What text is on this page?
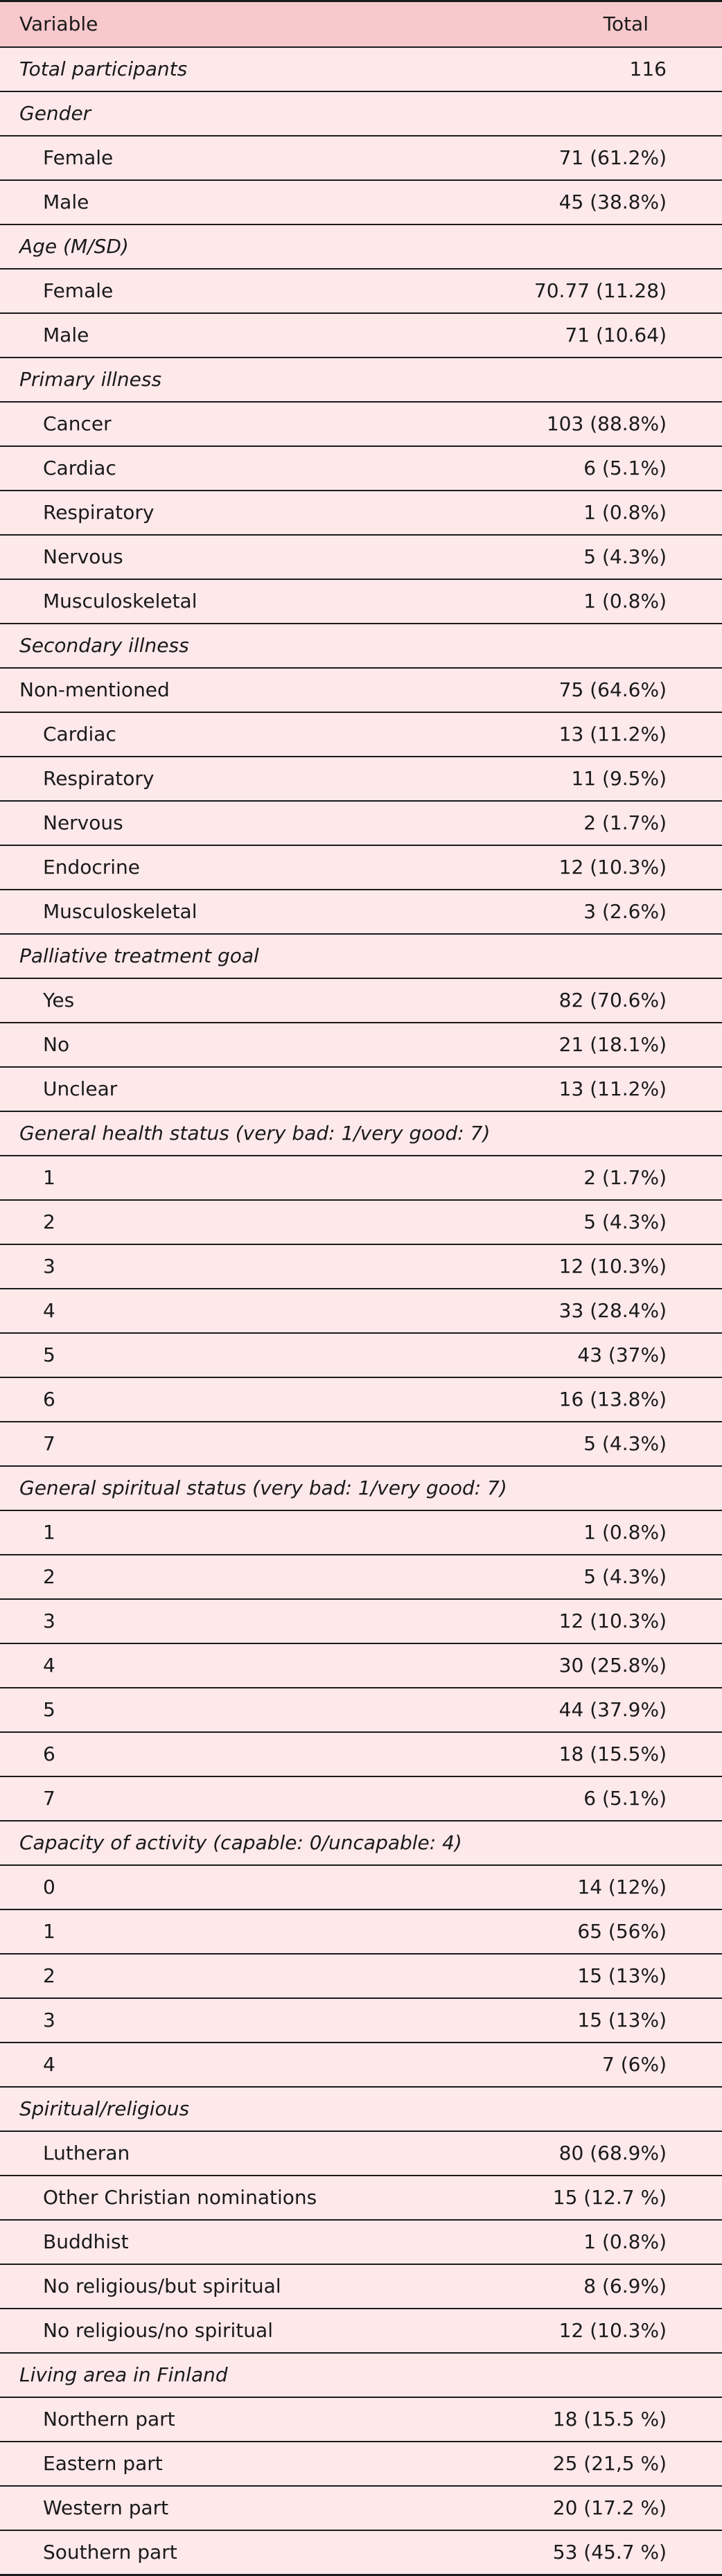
Variable	Total
Total participants	116
Gender	
Female	71 (61.2%)
Male	45 (38.8%)
Age (M/SD)	
Female	70.77 (11.28)
Male	71 (10.64)
Primary illness	
Cancer	103 (88.8%)
Cardiac	6 (5.1%)
Respiratory	1 (0.8%)
Nervous	5 (4.3%)
Musculoskeletal	1 (0.8%)
Secondary illness	
Non-mentioned	75 (64.6%)
Cardiac	13 (11.2%)
Respiratory	11 (9.5%)
Nervous	2 (1.7%)
Endocrine	12 (10.3%)
Musculoskeletal	3 (2.6%)
Palliative treatment goal	
Yes	82 (70.6%)
No	21 (18.1%)
Unclear	13 (11.2%)
General health status (very bad: 1/very good: 7)	
1	2 (1.7%)
2	5 (4.3%)
3	12 (10.3%)
4	33 (28.4%)
5	43 (37%)
6	16 (13.8%)
7	5 (4.3%)
General spiritual status (very bad: 1/very good: 7)	
1	1 (0.8%)
2	5 (4.3%)
3	12 (10.3%)
4	30 (25.8%)
5	44 (37.9%)
6	18 (15.5%)
7	6 (5.1%)
Capacity of activity (capable: 0/uncapable: 4)	
0	14 (12%)
1	65 (56%)
2	15 (13%)
3	15 (13%)
4	7 (6%)
Spiritual/religious	
Lutheran	80 (68.9%)
Other Christian nominations	15 (12.7 %)
Buddhist	1 (0.8%)
No religious/but spiritual	8 (6.9%)
No religious/no spiritual	12 (10.3%)
Living area in Finland	
Northern part	18 (15.5 %)
Eastern part	25 (21,5 %)
Western part	20 (17.2 %)
Southern part	53 (45.7 %)
